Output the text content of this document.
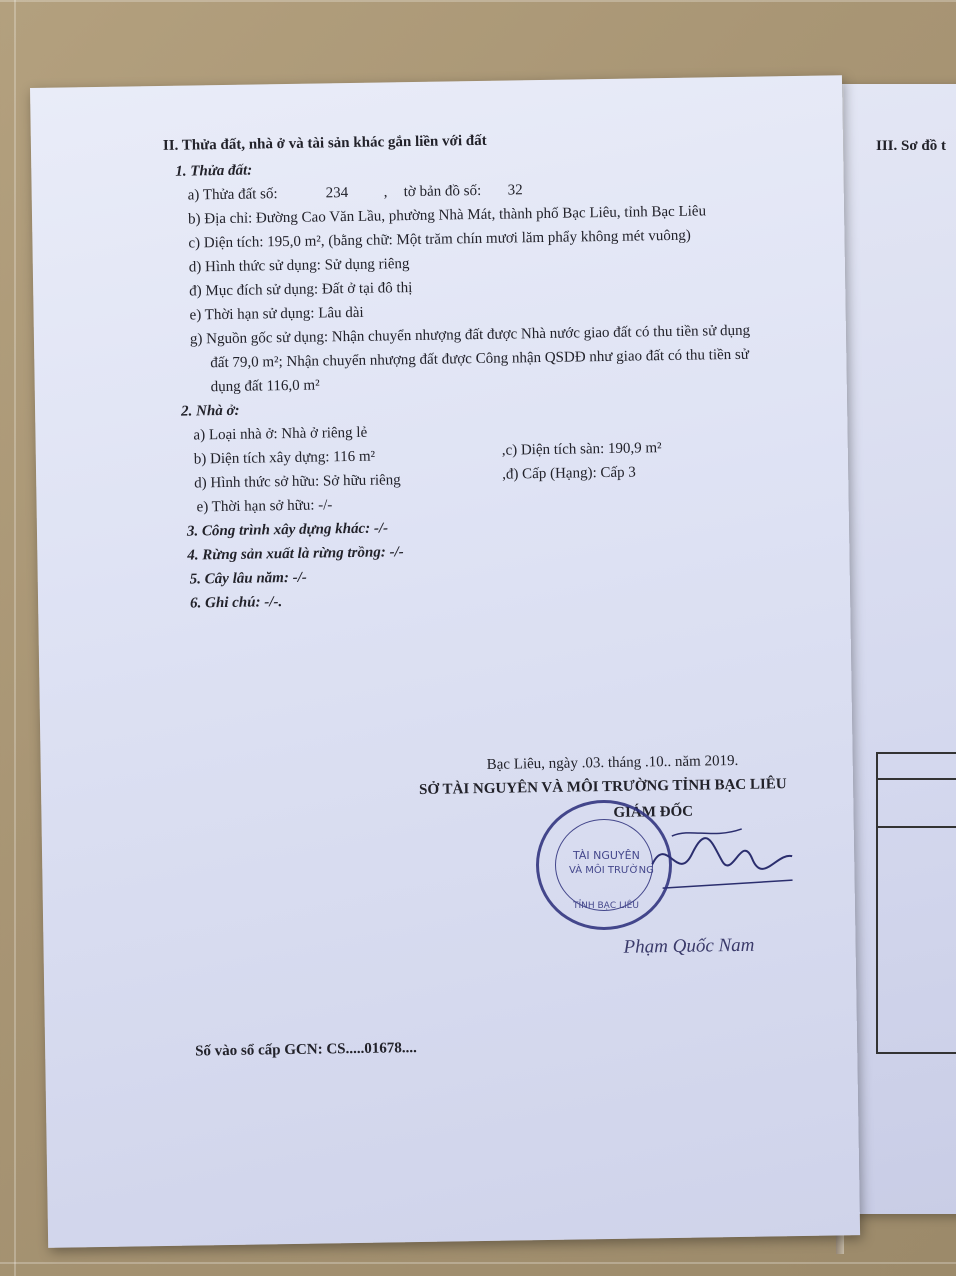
III. Sơ đồ t
II. Thửa đất, nhà ở và tài sản khác gắn liền với đất
1. Thửa đất:
a) Thửa đất số:	234 , tờ bản đồ số: 32
b) Địa chỉ: Đường Cao Văn Lầu, phường Nhà Mát, thành phố Bạc Liêu, tỉnh Bạc Liêu
c) Diện tích: 195,0 m², (bằng chữ: Một trăm chín mươi lăm phẩy không mét vuông)
d) Hình thức sử dụng: Sử dụng riêng
đ) Mục đích sử dụng: Đất ở tại đô thị
e) Thời hạn sử dụng: Lâu dài
g) Nguồn gốc sử dụng: Nhận chuyển nhượng đất được Nhà nước giao đất có thu tiền sử dụng
đất 79,0 m²; Nhận chuyển nhượng đất được Công nhận QSDĐ như giao đất có thu tiền sử
dụng đất 116,0 m²
2. Nhà ở:
a) Loại nhà ở: Nhà ở riêng lẻ
b) Diện tích xây dựng: 116 m²	,c) Diện tích sàn: 190,9 m²
d) Hình thức sở hữu: Sở hữu riêng	,đ) Cấp (Hạng): Cấp 3
e) Thời hạn sở hữu: -/-
3. Công trình xây dựng khác: -/-
4. Rừng sản xuất là rừng trồng: -/-
5. Cây lâu năm: -/-
6. Ghi chú: -/-.
Bạc Liêu, ngày .03. tháng .10.. năm 2019.
SỞ TÀI NGUYÊN VÀ MÔI TRƯỜNG TỈNH BẠC LIÊU
GIÁM ĐỐC
Phạm Quốc Nam
Số vào sổ cấp GCN: CS.....01678....
TÀI NGUYÊN
VÀ MÔI TRƯỜNG
TỈNH BẠC LIÊU
